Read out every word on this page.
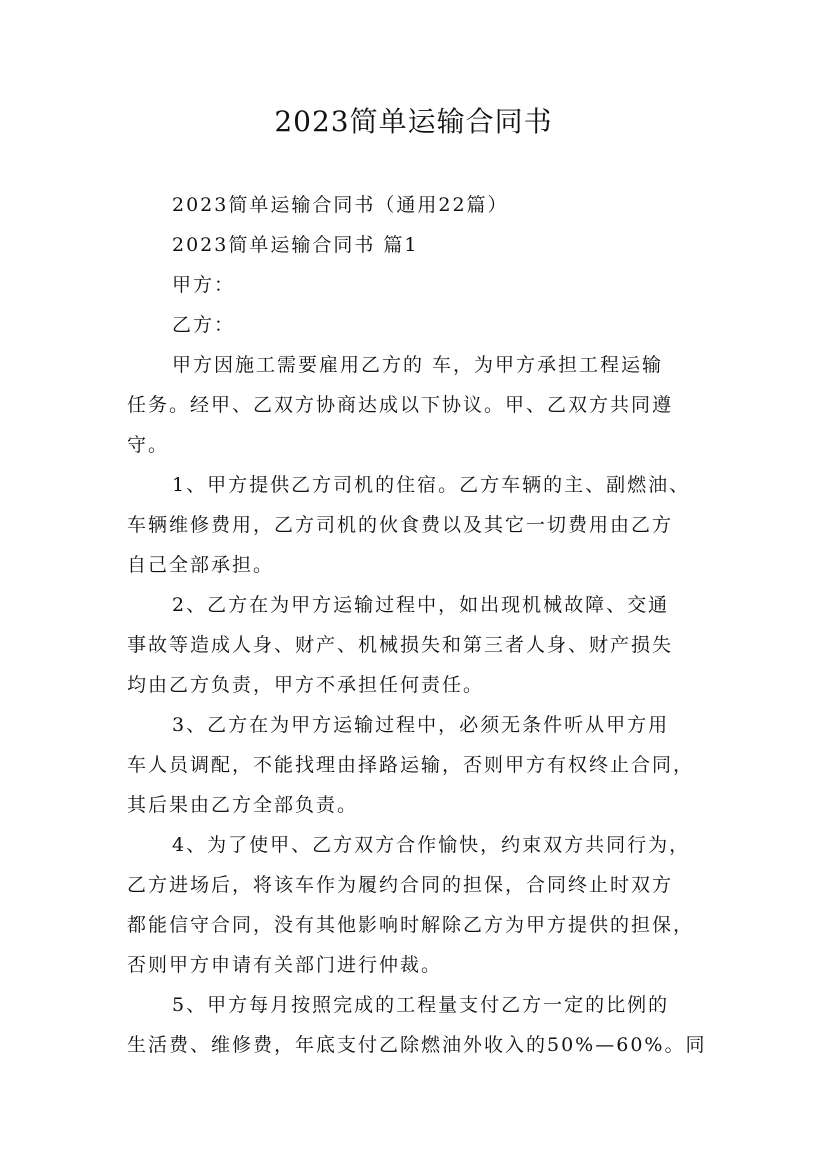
2023简单运输合同书

2023简单运输合同书（通用22篇）

2023简单运输合同书 篇1

甲方：

乙方：

甲方因施工需要雇用乙方的 车，为甲方承担工程运输
任务。经甲、乙双方协商达成以下协议。甲、乙双方共同遵
守。
1、甲方提供乙方司机的住宿。乙方车辆的主、副燃油、
车辆维修费用，乙方司机的伙食费以及其它一切费用由乙方
自己全部承担。
2、乙方在为甲方运输过程中，如出现机械故障、交通
事故等造成人身、财产、机械损失和第三者人身、财产损失
均由乙方负责，甲方不承担任何责任。
3、乙方在为甲方运输过程中，必须无条件听从甲方用
车人员调配，不能找理由择路运输，否则甲方有权终止合同，
其后果由乙方全部负责。
4、为了使甲、乙方双方合作愉快，约束双方共同行为，
乙方进场后，将该车作为履约合同的担保，合同终止时双方
都能信守合同，没有其他影响时解除乙方为甲方提供的担保，
否则甲方申请有关部门进行仲裁。
5、甲方每月按照完成的工程量支付乙方一定的比例的
生活费、维修费，年底支付乙除燃油外收入的50%—60%。同
